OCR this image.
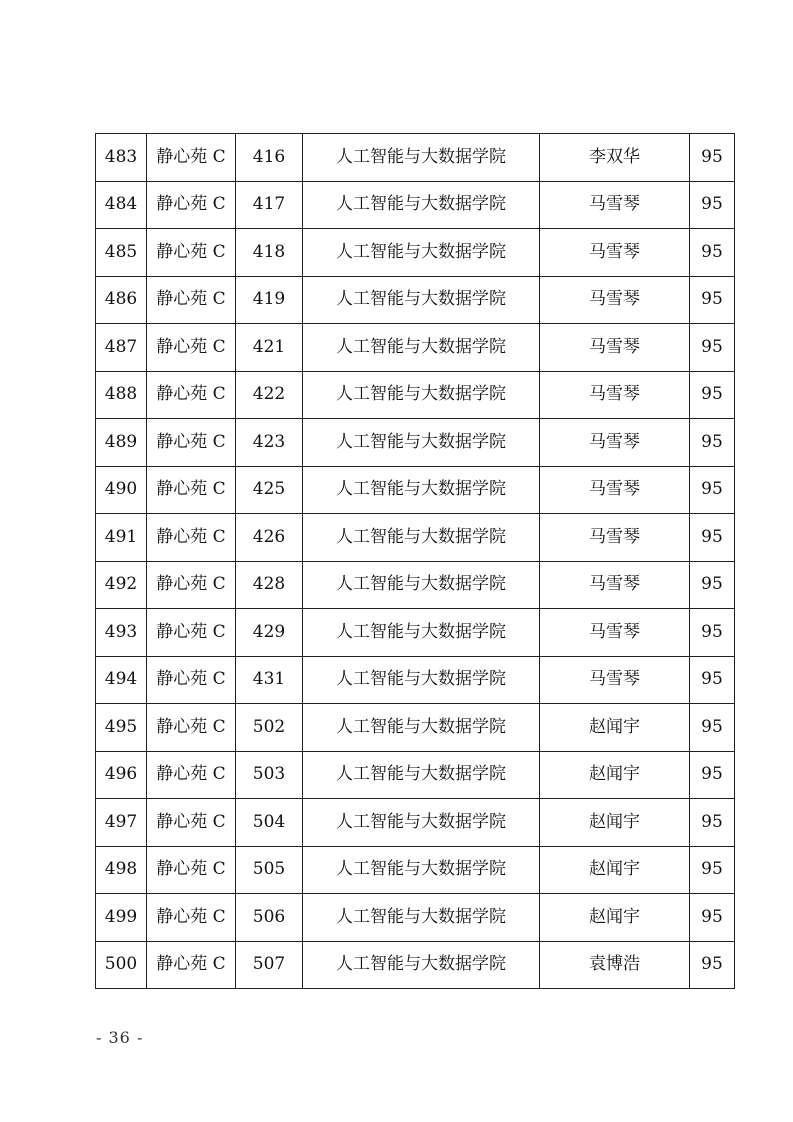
483	静心苑 C	416	人工智能与大数据学院	李双华	95
484	静心苑 C	417	人工智能与大数据学院	马雪琴	95
485	静心苑 C	418	人工智能与大数据学院	马雪琴	95
486	静心苑 C	419	人工智能与大数据学院	马雪琴	95
487	静心苑 C	421	人工智能与大数据学院	马雪琴	95
488	静心苑 C	422	人工智能与大数据学院	马雪琴	95
489	静心苑 C	423	人工智能与大数据学院	马雪琴	95
490	静心苑 C	425	人工智能与大数据学院	马雪琴	95
491	静心苑 C	426	人工智能与大数据学院	马雪琴	95
492	静心苑 C	428	人工智能与大数据学院	马雪琴	95
493	静心苑 C	429	人工智能与大数据学院	马雪琴	95
494	静心苑 C	431	人工智能与大数据学院	马雪琴	95
495	静心苑 C	502	人工智能与大数据学院	赵闻宇	95
496	静心苑 C	503	人工智能与大数据学院	赵闻宇	95
497	静心苑 C	504	人工智能与大数据学院	赵闻宇	95
498	静心苑 C	505	人工智能与大数据学院	赵闻宇	95
499	静心苑 C	506	人工智能与大数据学院	赵闻宇	95
500	静心苑 C	507	人工智能与大数据学院	袁博浩	95
- 36 -
